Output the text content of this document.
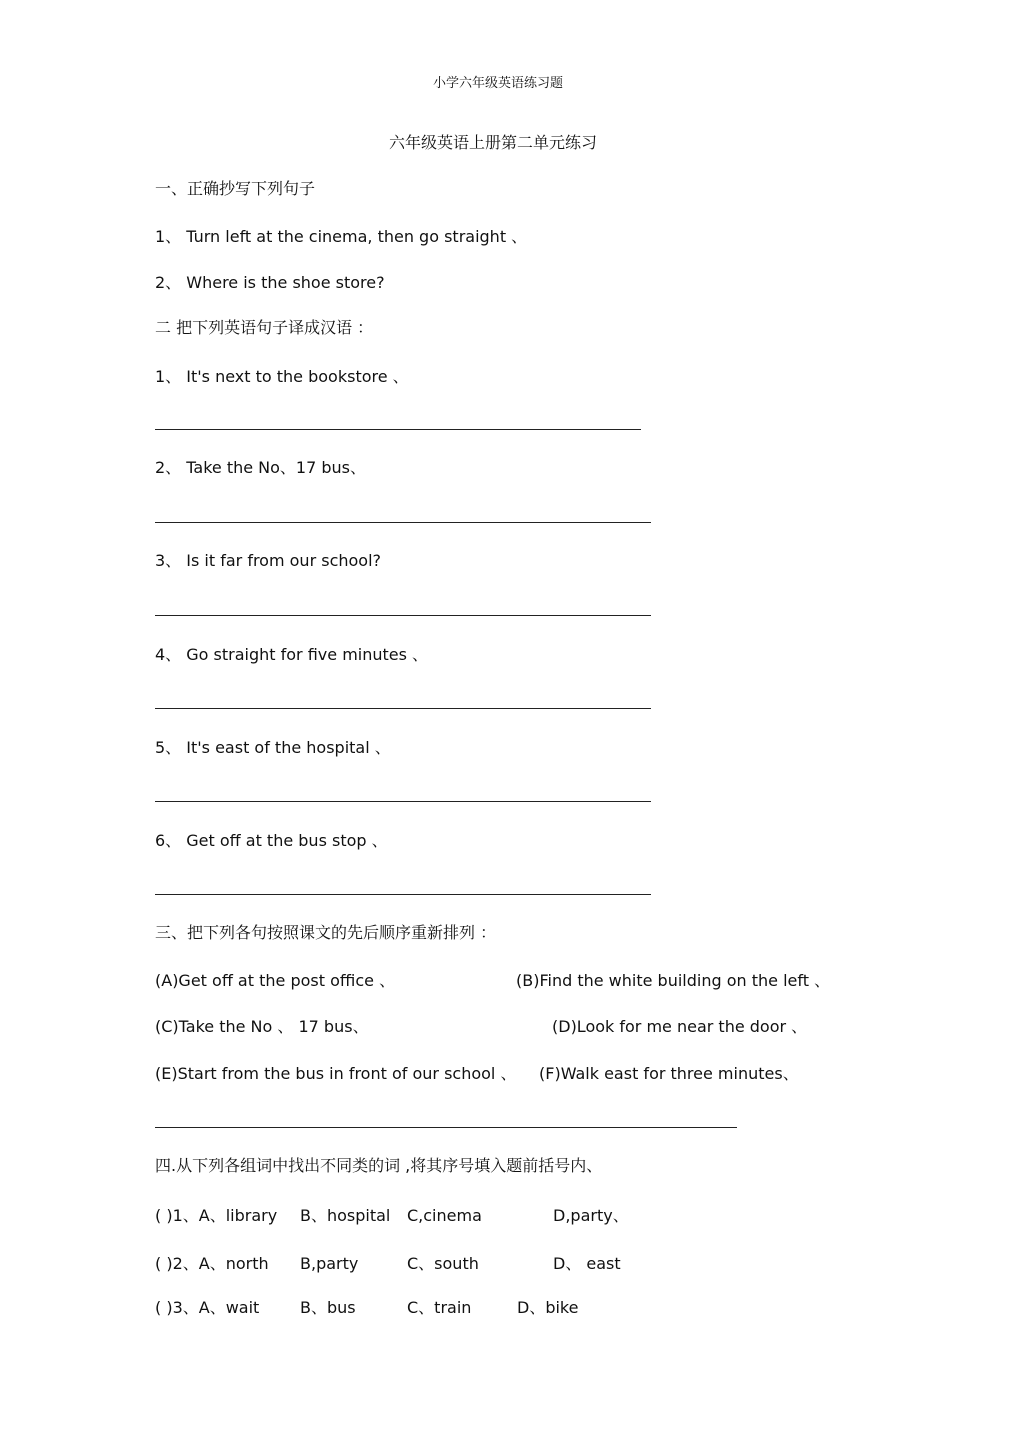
小学六年级英语练习题
六年级英语上册第二单元练习
一、正确抄写下列句子
1、 Turn left at the cinema, then go straight 、
2、 Where is the shoe store?
二 把下列英语句子译成汉语 ：
1、 It's next to the bookstore 、
2、 Take the No、17 bus、
3、 Is it far from our school?
4、 Go straight for five minutes 、
5、 It's east of the hospital 、
6、 Get off at the bus stop 、
三、把下列各句按照课文的先后顺序重新排列 ：
(A)Get off at the post office 、	(B)Find the white building on the left 、
(C)Take the No 、 17 bus、	(D)Look for me near the door 、
(E)Start from the bus in front of our school 、 (F)Walk east for three minutes、
四.从下列各组词中找出不同类的词 ,将其序号填入题前括号内、
( )1、A、library B、hospital C,cinema	D,party、
( )2、A、north B,party	C、south	D、 east
( )3、A、wait	B、bus	C、train	D、bike
